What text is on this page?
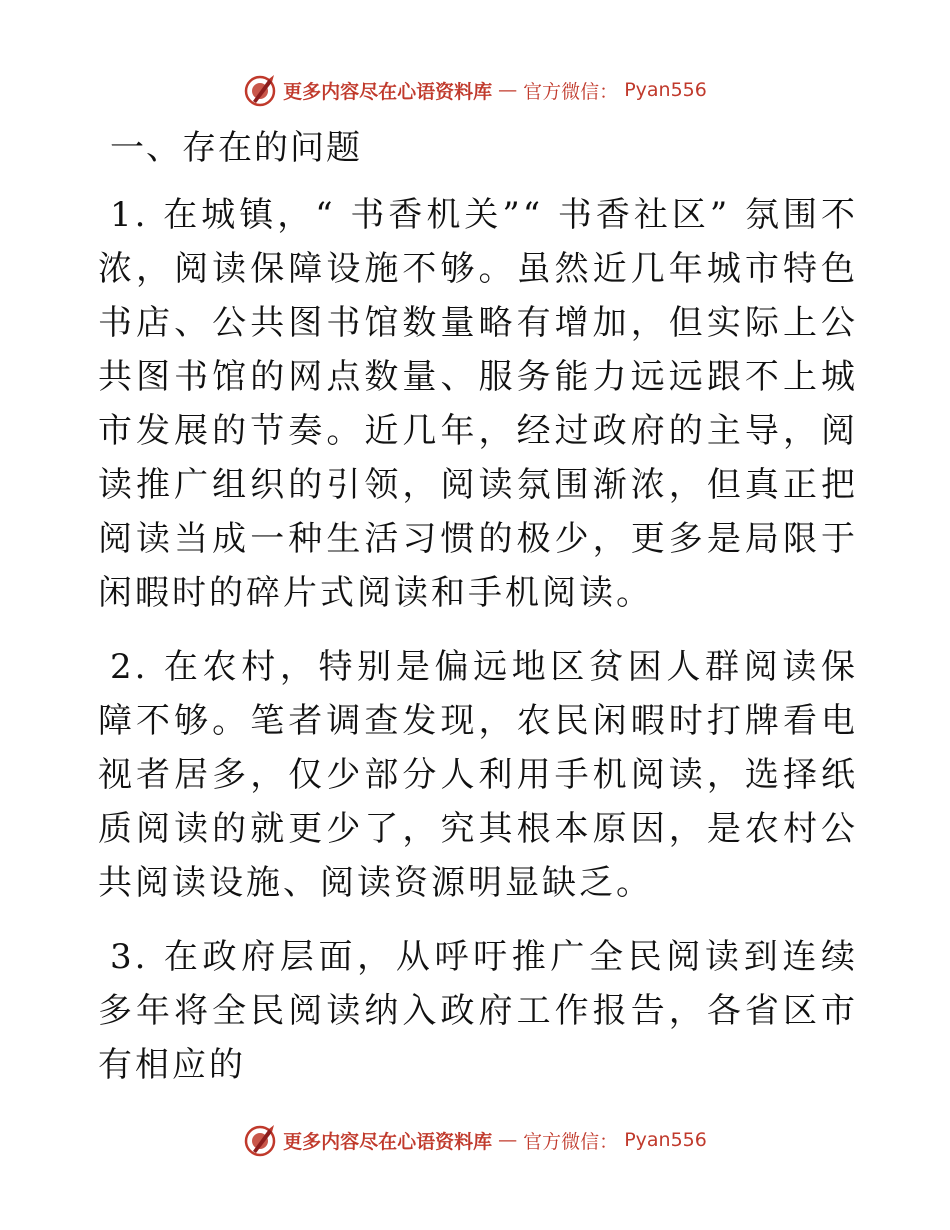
更多内容尽在心语资料库 — 官方微信： Pyan556
一、存在的问题

1. 在城镇，“ 书香机关”“ 书香社区” 氛围不浓，阅读保障设施不够。虽然近几年城市特色书店、公共图书馆数量略有增加，但实际上公共图书馆的网点数量、服务能力远远跟不上城市发展的节奏。近几年，经过政府的主导，阅读推广组织的引领，阅读氛围渐浓，但真正把阅读当成一种生活习惯的极少，更多是局限于闲暇时的碎片式阅读和手机阅读。

2. 在农村，特别是偏远地区贫困人群阅读保障不够。笔者调查发现，农民闲暇时打牌看电视者居多，仅少部分人利用手机阅读，选择纸质阅读的就更少了，究其根本原因，是农村公共阅读设施、阅读资源明显缺乏。

3. 在政府层面，从呼吁推广全民阅读到连续多年将全民阅读纳入政府工作报告，各省区市有相应的

更多内容尽在心语资料库 — 官方微信： Pyan556
